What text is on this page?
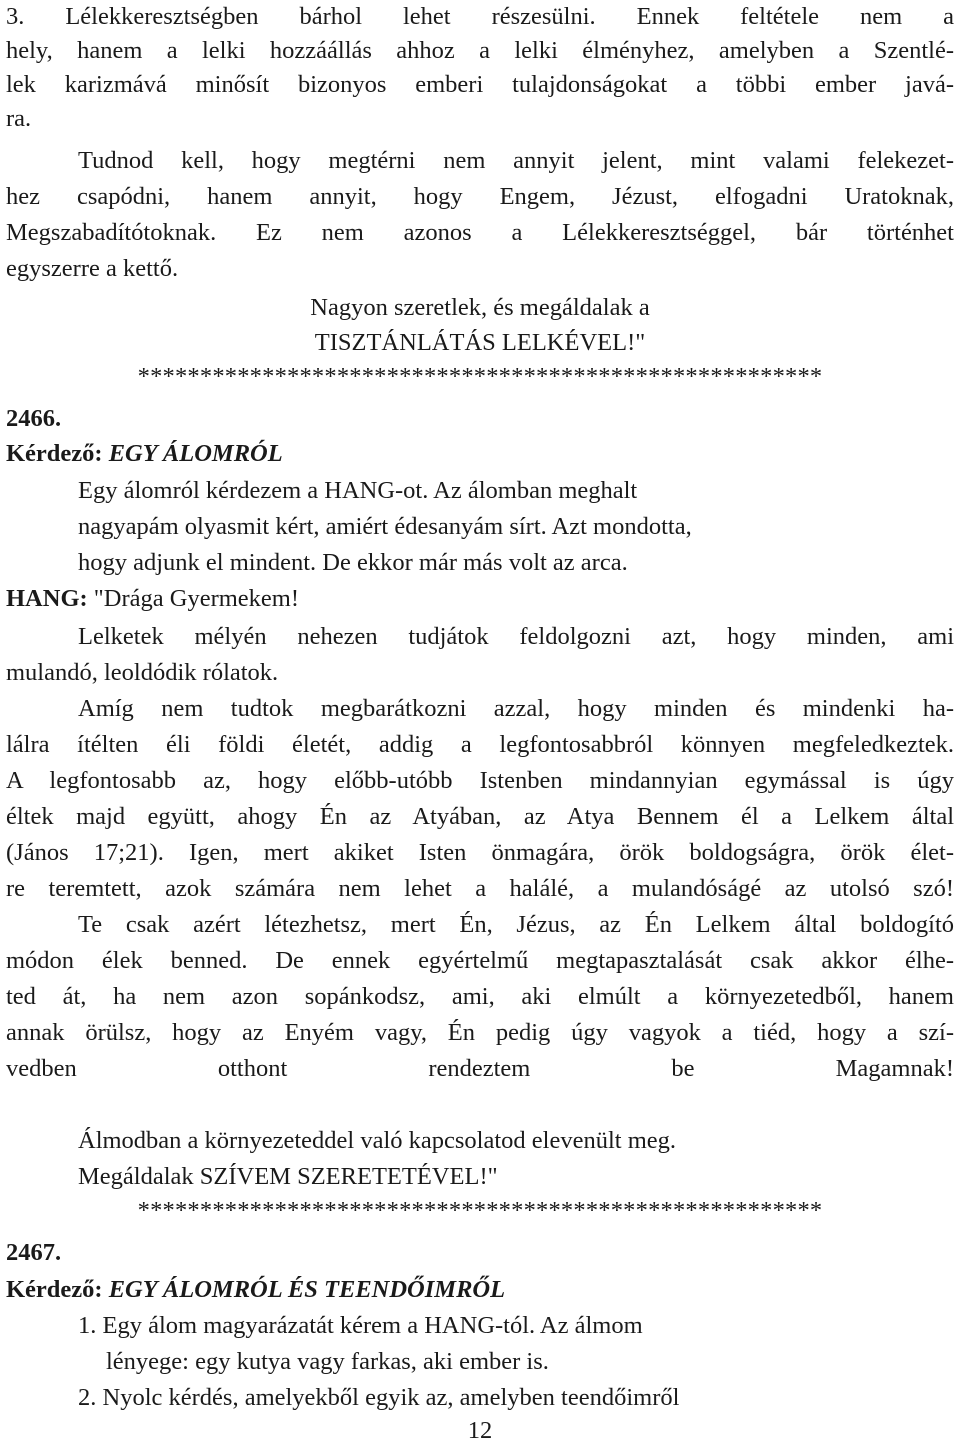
3. Lélekkeresztségben bárhol lehet részesülni. Ennek feltétele nem a
hely, hanem a lelki hozzáállás ahhoz a lelki élményhez, amelyben a Szentlé-
lek karizmává minősít bizonyos emberi tulajdonságokat a többi ember javá-
ra.
Tudnod kell, hogy megtérni nem annyit jelent, mint valami felekezet-
hez csapódni, hanem annyit, hogy Engem, Jézust, elfogadni Uratoknak,
Megszabadítótoknak. Ez nem azonos a Lélekkeresztséggel, bár történhet
egyszerre a kettő.
Nagyon szeretlek, és megáldalak a
TISZTÁNLÁTÁS LELKÉVEL!"
*******************************************************
2466.
Kérdező: EGY ÁLOMRÓL
Egy álomról kérdezem a HANG-ot. Az álomban meghalt
nagyapám olyasmit kért, amiért édesanyám sírt. Azt mondotta,
hogy adjunk el mindent. De ekkor már más volt az arca.
HANG: "Drága Gyermekem!
Lelketek mélyén nehezen tudjátok feldolgozni azt, hogy minden, ami
mulandó, leoldódik rólatok.
Amíg nem tudtok megbarátkozni azzal, hogy minden és mindenki ha-
lálra ítélten éli földi életét, addig a legfontosabbról könnyen megfeledkeztek.
A legfontosabb az, hogy előbb-utóbb Istenben mindannyian egymással is úgy
éltek majd együtt, ahogy Én az Atyában, az Atya Bennem él a Lelkem által
(János 17;21). Igen, mert akiket Isten önmagára, örök boldogságra, örök élet-
re teremtett, azok számára nem lehet a halálé, a mulandóságé az utolsó szó!
Te csak azért létezhetsz, mert Én, Jézus, az Én Lelkem által boldogító
módon élek benned. De ennek egyértelmű megtapasztalását csak akkor élhe-
ted át, ha nem azon sopánkodsz, ami, aki elmúlt a környezetedből, hanem
annak örülsz, hogy az Enyém vagy, Én pedig úgy vagyok a tiéd, hogy a szí-
vedben otthont rendeztem be Magamnak!
Álmodban a környezeteddel való kapcsolatod elevenült meg.
Megáldalak SZÍVEM SZERETETÉVEL!"
*******************************************************
2467.
Kérdező: EGY ÁLOMRÓL ÉS TEENDŐIMRŐL
1. Egy álom magyarázatát kérem a HANG-tól. Az álmom
lényege: egy kutya vagy farkas, aki ember is.
2. Nyolc kérdés, amelyekből egyik az, amelyben teendőimről
12
